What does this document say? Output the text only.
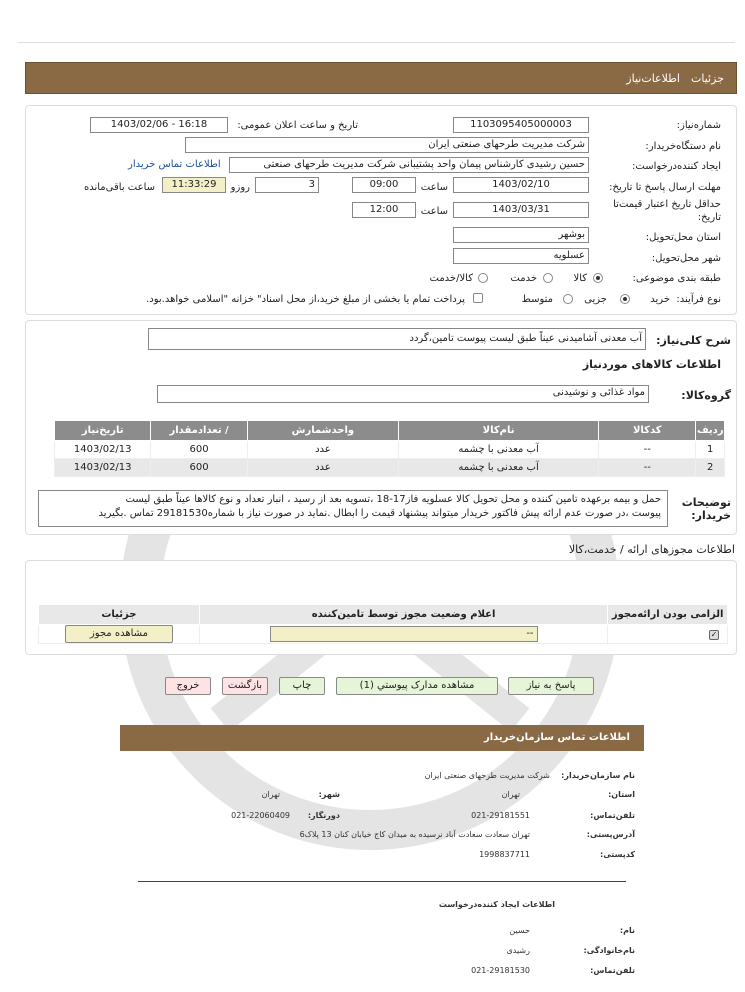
جزئیات
اطلاعات‌نیاز
شماره‌نیاز:
1103095405000003
تاریخ و ساعت اعلان عمومی:
1403/02/06 - 16:18
نام دستگاه‌خریدار:
شرکت مدیریت طرحهای صنعتی ایران
ایجاد کننده‌درخواست:
حسین رشیدی کارشناس پیمان واحد پشتیبانی شرکت مدیریت طرحهای صنعتی
اطلاعات تماس خریدار
مهلت ارسال پاسخ تا تاریخ:
1403/02/10
ساعت
09:00
3
روزو
11:33:29
ساعت باقی‌مانده
حداقل تاریخ اعتبار قیمت‌تا تاریخ:
1403/03/31
ساعت
12:00
استان محل‌تحویل:
بوشهر
شهر محل‌تحویل:
عسلویه
طبقه بندی موضوعی:
کالا
خدمت
کالا/خدمت
نوع فرآیند:
خرید
جزیی
متوسط
پرداخت تمام یا بخشی از مبلغ خرید،از محل اسناد" خزانه "اسلامی خواهد.بود.
شرح کلی‌نیاز:
آب معدنی آشامیدنی عیناً طبق لیست پیوست تامین،گردد
اطلاعات کالاهای موردنیاز
گروه‌کالا:
مواد غذائی و نوشیدنی
ردیف	کدکالا	نام‌کالا	واحدشمارش	/ تعدادمقدار	تاریخ‌نیاز
1	--	آب معدنی با چشمه	عدد	600	1403/02/13
2	--	آب معدنی با چشمه	عدد	600	1403/02/13
توضیحات خریدار:
حمل و بیمه برعهده تامین کننده و محل تحویل کالا عسلویه فاز17-18 ،تسویه بعد از رسید ، انبار تعداد و نوع کالاها عیناً طبق لیست
پیوست ،در صورت عدم ارائه پیش فاکتور خریدار میتواند پیشنهاد قیمت را ابطال .نماید در صورت نیاز با شماره29181530 تماس .بگیرید
اطلاعات مجوزهای ارائه / خدمت،کالا
الزامی بودن ارائه‌مجوز	اعلام وضعیت مجوز توسط تامین‌کننده	جزئیات
✓	--	مشاهده مجوز
پاسخ به نیاز
مشاهده مدارک پیوستي (1)
چاپ
بازگشت
خروج
اطلاعات تماس سازمان‌خریدار
نام سازمان‌خریدار:
شرکت مدیریت طرحهای صنعتی ایران
استان:
تهران
شهر:
تهران
تلفن‌تماس:
021-29181551
دورنگار:
021-22060409
آدرس‌پستی:
تهران سعادت سعادت آباد نرسیده به میدان کاج خیابان کنان 13 پلاک6
کدپستی:
1998837711
اطلاعات ایجاد کننده‌درخواست
نام:
حسین
نام‌خانوادگی:
رشیدی
تلفن‌تماس:
021-29181530
